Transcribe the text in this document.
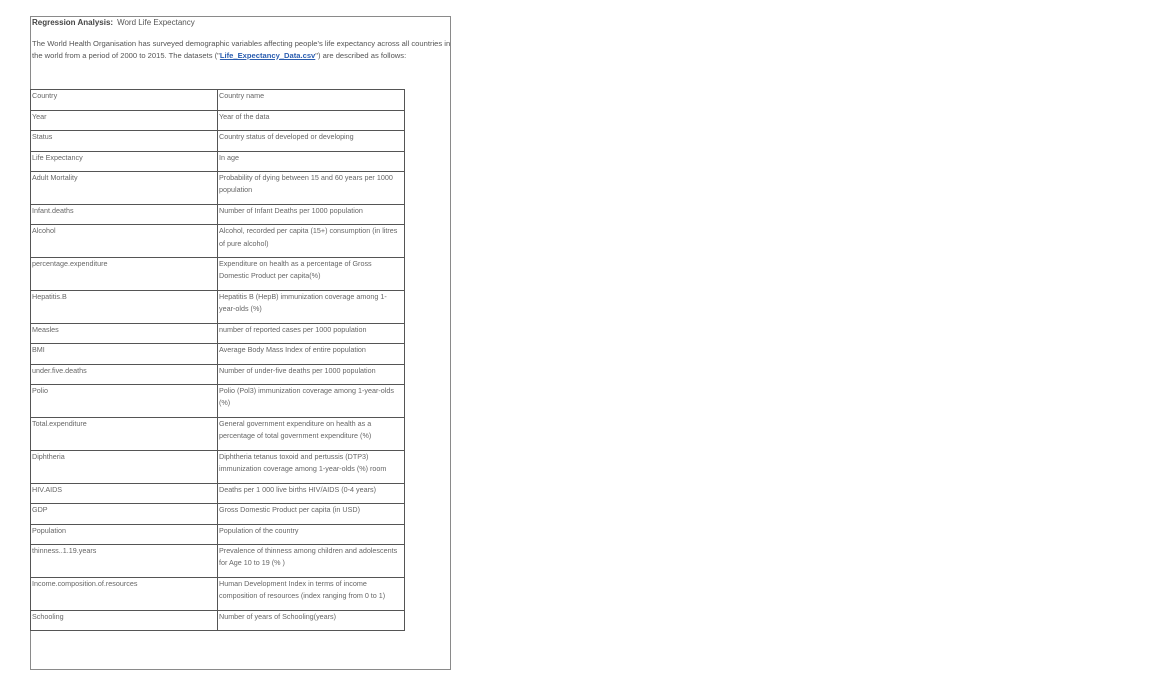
Regression Analysis: Word Life Expectancy
The World Health Organisation has surveyed demographic variables affecting people's life expectancy across all countries in the world from a period of 2000 to 2015. The datasets ("Life_Expectancy_Data.csv") are described as follows:
Country	Country name
Year	Year of the data
Status	Country status of developed or developing
Life Expectancy	In age
Adult Mortality	Probability of dying between 15 and 60 years per 1000 population
Infant.deaths	Number of Infant Deaths per 1000 population
Alcohol	Alcohol, recorded per capita (15+) consumption (in litres of pure alcohol)
percentage.expenditure	Expenditure on health as a percentage of Gross Domestic Product per capita(%)
Hepatitis.B	Hepatitis B (HepB) immunization coverage among 1-year-olds (%)
Measles	number of reported cases per 1000 population
BMI	Average Body Mass Index of entire population
under.five.deaths	Number of under-five deaths per 1000 population
Polio	Polio (Pol3) immunization coverage among 1-year-olds (%)
Total.expenditure	General government expenditure on health as a percentage of total government expenditure (%)
Diphtheria	Diphtheria tetanus toxoid and pertussis (DTP3) immunization coverage among 1-year-olds (%) room
HIV.AIDS	Deaths per 1 000 live births HIV/AIDS (0-4 years)
GDP	Gross Domestic Product per capita (in USD)
Population	Population of the country
thinness..1.19.years	Prevalence of thinness among children and adolescents for Age 10 to 19 (% )
Income.composition.of.resources	Human Development Index in terms of income composition of resources (index ranging from 0 to 1)
Schooling	Number of years of Schooling(years)
